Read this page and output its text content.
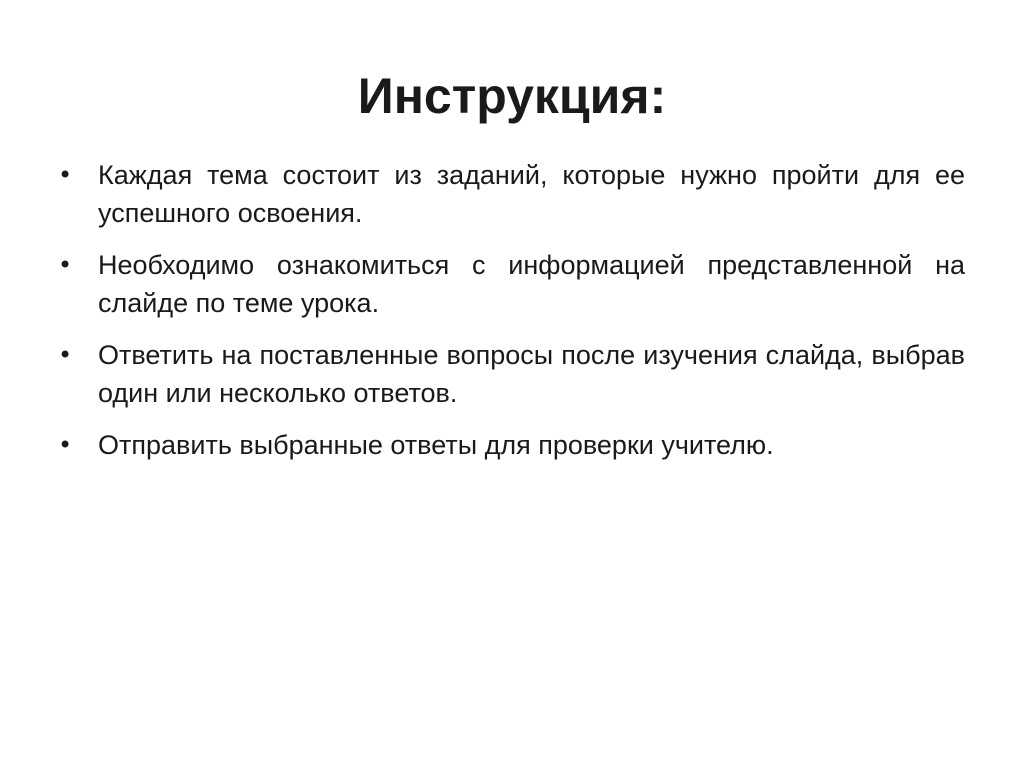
Инструкция:
• Каждая тема состоит из заданий, которые нужно пройти для ее успешного освоения.
• Необходимо ознакомиться с информацией представленной на слайде по теме урока.
• Ответить на поставленные вопросы после изучения слайда, выбрав один или несколько ответов.
• Отправить выбранные ответы для проверки учителю.
